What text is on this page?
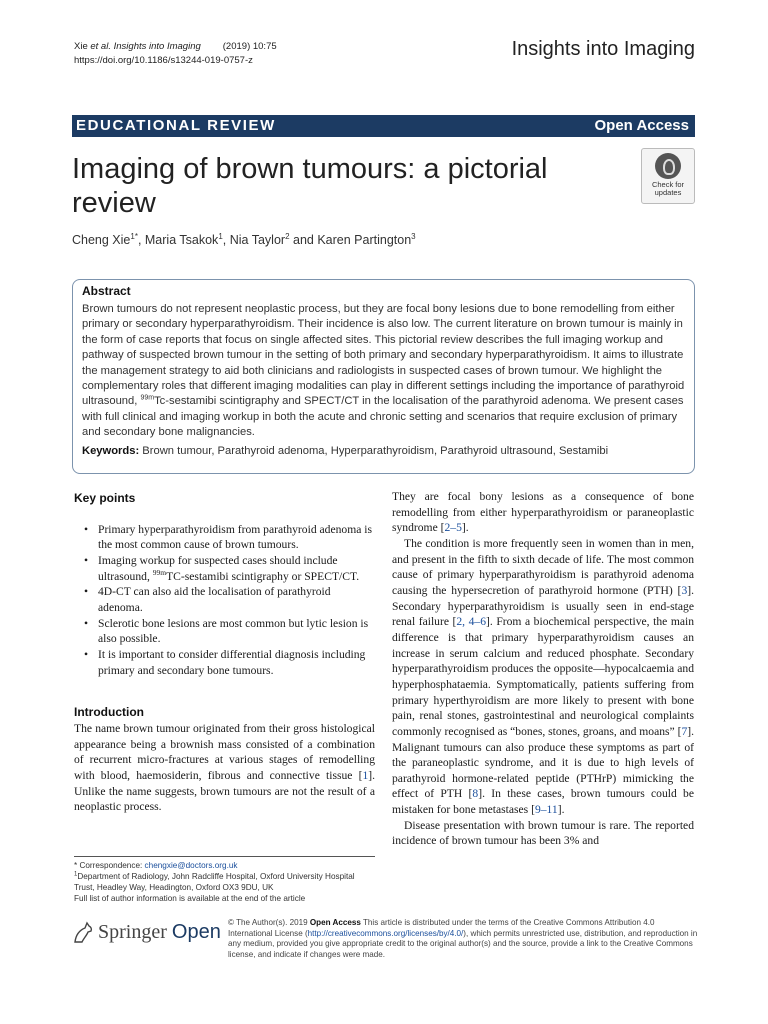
Xie et al. Insights into Imaging (2019) 10:75
https://doi.org/10.1186/s13244-019-0757-z
Insights into Imaging
EDUCATIONAL REVIEW	Open Access
Imaging of brown tumours: a pictorial review
Check for
updates
Cheng Xie$^{1*}$, Maria Tsakok$^1$, Nia Taylor$^2$ and Karen Partington$^3$
Abstract
Brown tumours do not represent neoplastic process, but they are focal bony lesions due to bone remodelling from either primary or secondary hyperparathyroidism. Their incidence is also low. The current literature on brown tumour is mainly in the form of case reports that focus on single affected sites. This pictorial review describes the full imaging workup and pathway of suspected brown tumour in the setting of both primary and secondary hyperparathyroidism. It aims to illustrate the management strategy to aid both clinicians and radiologists in suspected cases of brown tumour. We highlight the complementary roles that different imaging modalities can play in different settings including the importance of parathyroid ultrasound, $^{99m}$Tc-sestamibi scintigraphy and SPECT/CT in the localisation of the parathyroid adenoma. We present cases with full clinical and imaging workup in both the acute and chronic setting and scenarios that require exclusion of primary and secondary bone malignancies.
Keywords: Brown tumour, Parathyroid adenoma, Hyperparathyroidism, Parathyroid ultrasound, Sestamibi
Key points
• Primary hyperparathyroidism from parathyroid adenoma is the most common cause of brown tumours.
• Imaging workup for suspected cases should include ultrasound, $^{99m}$TC-sestamibi scintigraphy or SPECT/CT.
• 4D-CT can also aid the localisation of parathyroid adenoma.
• Sclerotic bone lesions are most common but lytic lesion is also possible.
• It is important to consider differential diagnosis including primary and secondary bone tumours.
Introduction

The name brown tumour originated from their gross histological appearance being a brownish mass consisted of a combination of recurrent micro-fractures at various stages of remodelling with blood, haemosiderin, fibrous and connective tissue [1]. Unlike the name suggests, brown tumours are not the result of a neoplastic process.

They are focal bony lesions as a consequence of bone remodelling from either hyperparathyroidism or paraneoplastic syndrome [2–5].

The condition is more frequently seen in women than in men, and present in the fifth to sixth decade of life. The most common cause of primary hyperparathyroidism is parathyroid adenoma causing the hypersecretion of parathyroid hormone (PTH) [3]. Secondary hyperparathyroidism is usually seen in end-stage renal failure [2, 4–6]. From a biochemical perspective, the main difference is that primary hyperparathyroidism causes an increase in serum calcium and reduced phosphate. Secondary hyperparathyroidism produces the opposite—hypocalcaemia and hyperphosphataemia. Symptomatically, patients suffering from primary hyperthyroidism are more likely to present with bone pain, renal stones, gastrointestinal and neurological complaints commonly recognised as “bones, stones, groans, and moans” [7]. Malignant tumours can also produce these symptoms as part of the paraneoplastic syndrome, and it is due to high levels of parathyroid hormone-related peptide (PTHrP) mimicking the effect of PTH [8]. In these cases, brown tumours could be mistaken for bone metastases [9–11].

Disease presentation with brown tumour is rare. The reported incidence of brown tumour has been 3% and

* Correspondence: chengxie@doctors.org.uk
$^1$Department of Radiology, John Radcliffe Hospital, Oxford University Hospital Trust, Headley Way, Headington, Oxford OX3 9DU, UK
Full list of author information is available at the end of the article
Springer Open © The Author(s). 2019 Open Access This article is distributed under the terms of the Creative Commons Attribution 4.0 International License (http://creativecommons.org/licenses/by/4.0/), which permits unrestricted use, distribution, and reproduction in any medium, provided you give appropriate credit to the original author(s) and the source, provide a link to the Creative Commons license, and indicate if changes were made.
